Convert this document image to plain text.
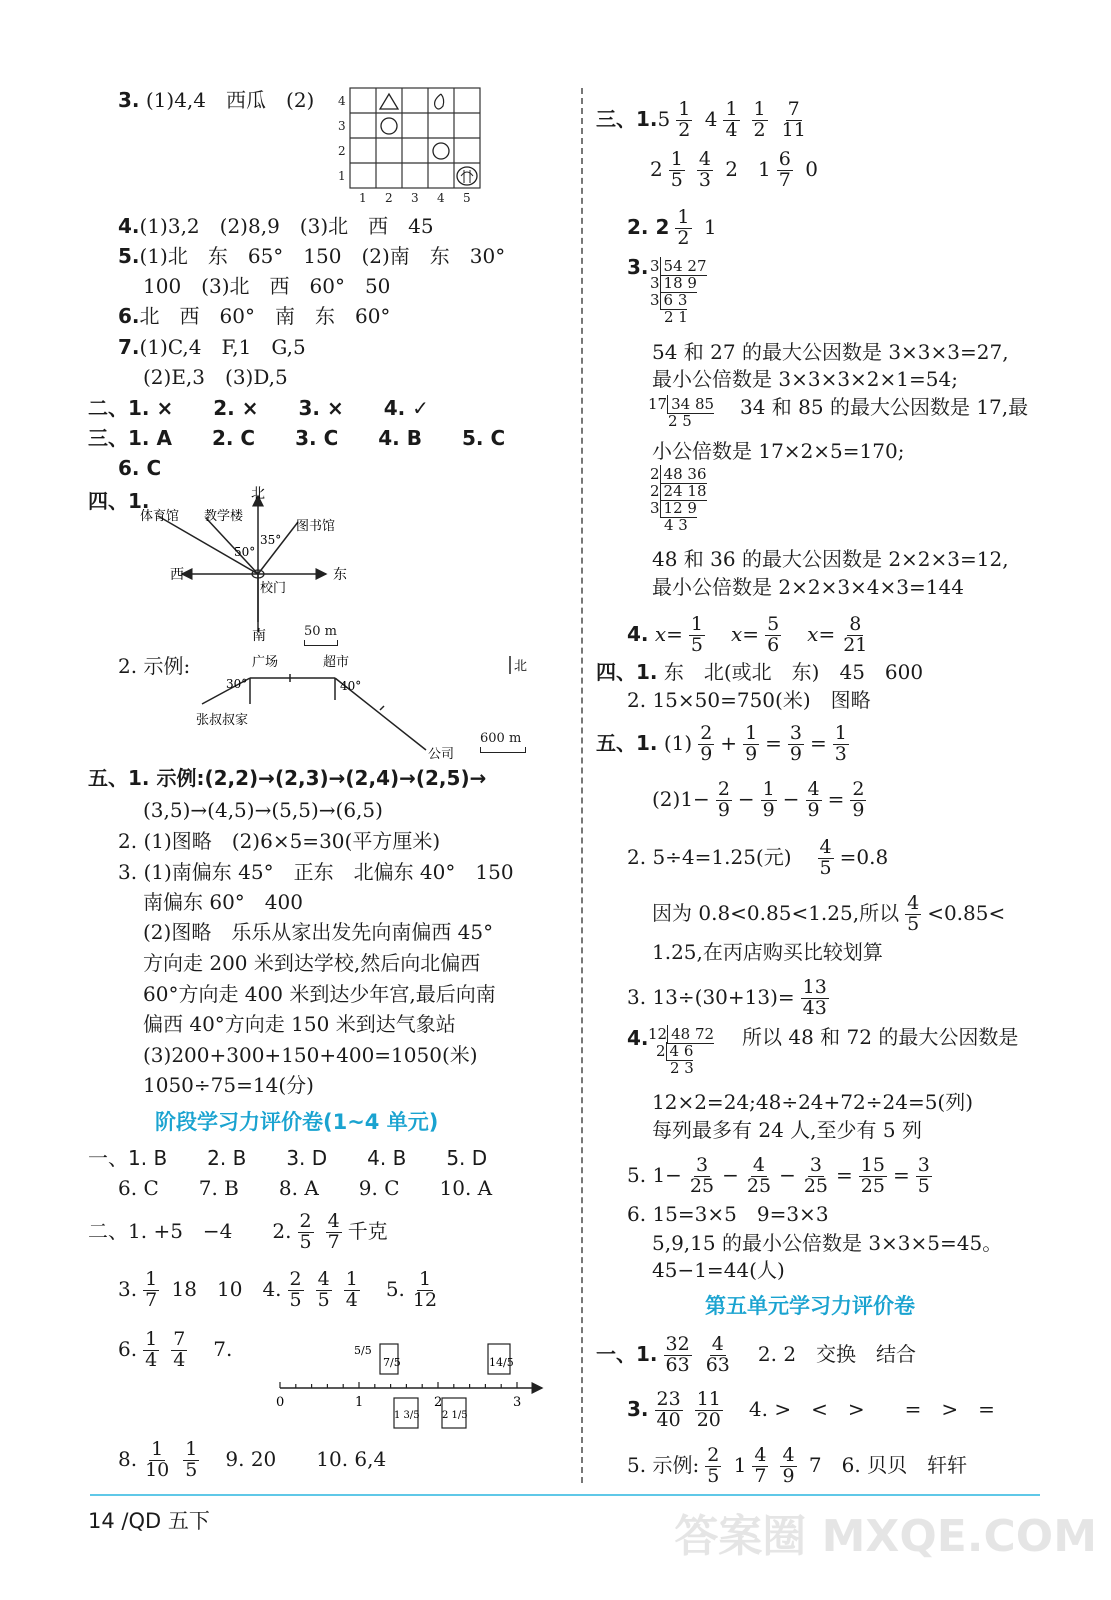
3. (1)4,4　西瓜　(2) 4
3
2
1
1 2 3 4 5
4.(1)3,2　(2)8,9　(3)北　西　45
5.(1)北　东　65°　150　(2)南　东　30°
100　(3)北　西　60°　50
6.北　西　60°　南　东　60°
7.(1)C,4　F,1　G,5
(2)E,3　(3)D,5
二、1. ×　　2. ×　　3. ×　　4. ✓
三、1. A　　2. C　　3. C　　4. B　　5. C
6. C
四、1.	北
南
东
西
体育馆 教学楼
图书馆
校门
50°
35°
50 m
2. 示例:	广场	超市
张叔叔家
公司
30°	40°
北
600 m
五、1. 示例:(2,2)→(2,3)→(2,4)→(2,5)→
(3,5)→(4,5)→(5,5)→(6,5)
2. (1)图略　(2)6×5=30(平方厘米)
3. (1)南偏东 45°　正东　北偏东 40°　150
南偏东 60°　400
(2)图略　乐乐从家出发先向南偏西 45°
方向走 200 米到达学校,然后向北偏西
60°方向走 400 米到达少年宫,最后向南
偏西 40°方向走 150 米到达气象站
(3)200+300+150+400=1050(米)
1050÷75=14(分)
阶段学习力评价卷(1~4 单元)
一、1. B　　2. B　　3. D　　4. B　　5. D
6. C　　7. B　　8. A　　9. C　　10. A
二、1. +5　−4　　2. $\frac{2}{5} \frac{4}{7}$ 千克
3. $\frac{1}{7} 18$　10　 4. $\frac{2}{5} \frac{4}{5} \frac{1}{4}$
　 5. $\frac{1}{12}$
6. $\frac{1}{4} \frac{7}{4}$
　 7.
0	1	2	3
5/5
7/5	14/5
1 3/5 2 1/5
8. $\frac{1}{10} \frac{1}{5}$
　 9. 20　　10. 6,4
三、$1.5 \frac{1}{2} 4 \frac{1}{4} \frac{1}{2} \frac{7}{11}$
$2 \frac{1}{5} \frac{4}{3} 2$　$1 \frac{6}{7} 0$
2. $2 \frac{1}{2} 1$
3. 3 54 27
3 18 9
3 6 3
2 1
54 和 27 的最大公因数是 3×3×3=27,
最小公倍数是 3×3×3×2×1=54;
17 34 85
2 5
34 和 85 的最大公因数是 17,最
小公倍数是 17×2×5=170;
2 48 36
2 24 18
3 12 9
4 3
48 和 36 的最大公因数是 2×2×3=12,
最小公倍数是 2×2×3×4×3=144
4. $x= \frac{1}{5}$
　 $x= \frac{5}{6}$
　 $x= \frac{8}{21}$
四、1. 东　北(或北　东)　45　600
2. 15×50=750(米)　图略
五、1. $(1) \frac{2}{9} + \frac{1}{9} = \frac{3}{9} = \frac{1}{3}$
$(2)1- \frac{2}{9} - \frac{1}{9} - \frac{4}{9} = \frac{2}{9}$
2. 5÷4=1.25(元)　 $\frac{4}{5} =0.8$
因为 0.8<0.85<1.25,所以 $\frac{4}{5} <0.85<$
1.25,在丙店购买比较划算
3. $13\div(30+13)= \frac{13}{43}$
4. 12 48 72
2 4 6
2 3
所以 48 和 72 的最大公因数是
12×2=24;48÷24+72÷24=5(列)
每列最多有 24 人,至少有 5 列
5. $1- \frac{3}{25} - \frac{4}{25} - \frac{3}{25} = \frac{15}{25} = \frac{3}{5}$
6. 15=3×5　9=3×3
5,9,15 的最小公倍数是 3×3×5=45。
45−1=44(人)
第五单元学习力评价卷
一、1. $\frac{32}{63} \frac{4}{63}$
　 2. 2　交换　结合
3. $\frac{23}{40} \frac{11}{20}$
　 4. >　<　>　　=　>　=
5. 示例: $\frac{2}{5} 1 \frac{4}{7} \frac{4}{9} 7$　 6. 贝贝　轩轩
14 /QD 五下	答案圈 MXQE.COM
